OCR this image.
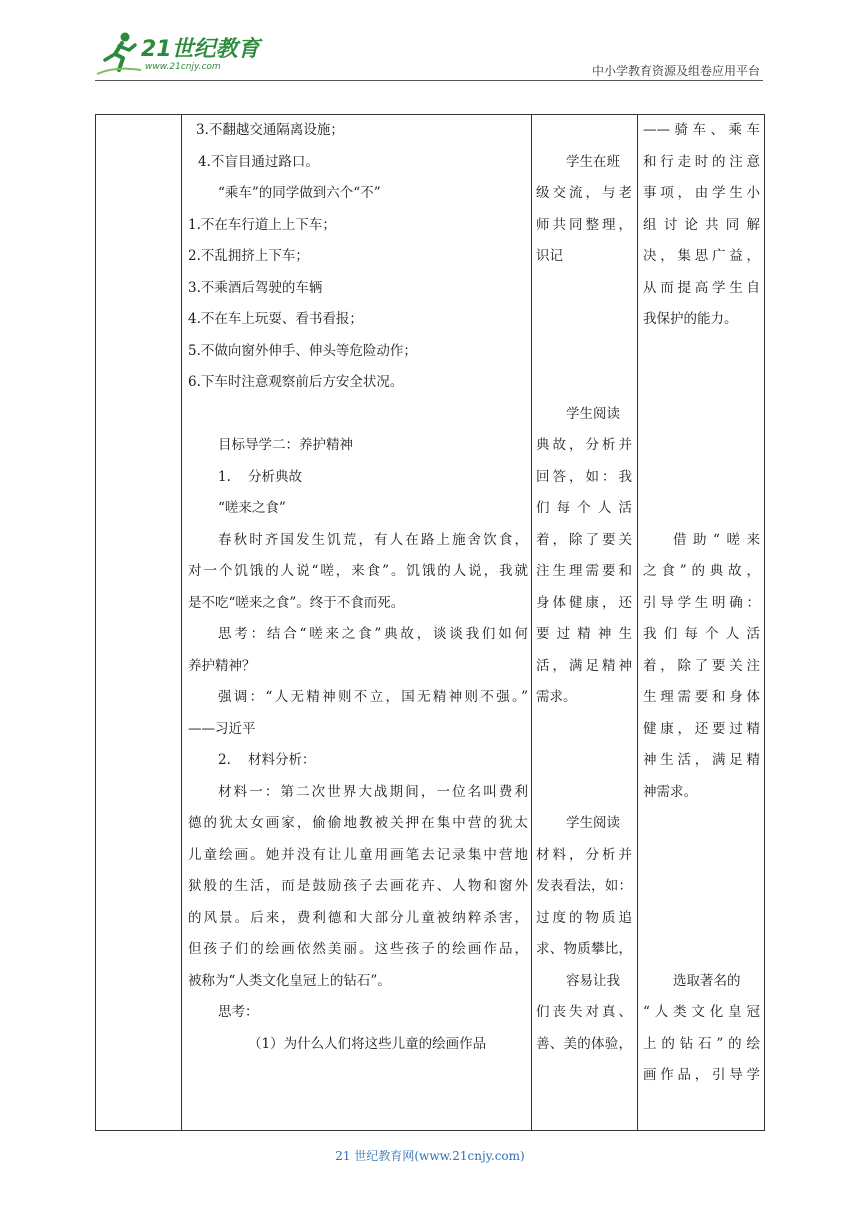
21世纪教育
www.21cnjy.com	中小学教育资源及组卷应用平台
3.不翻越交通隔离设施；
4.不盲目通过路口。
“乘车”的同学做到六个“不”
1.不在车行道上上下车；
2.不乱拥挤上下车；
3.不乘酒后驾驶的车辆
4.不在车上玩耍、看书看报；
5.不做向窗外伸手、伸头等危险动作；
6.下车时注意观察前后方安全状况。
目标导学二：养护精神
1.    分析典故
“嗟来之食”
春秋时齐国发生饥荒，有人在路上施舍饮食，
对一个饥饿的人说“嗟，来食”。饥饿的人说，我就
是不吃“嗟来之食”。终于不食而死。
思考：结合“嗟来之食”典故，谈谈我们如何
养护精神？
强调：“人无精神则不立，国无精神则不强。”
——习近平
2.    材料分析：
材料一：第二次世界大战期间，一位名叫费利
德的犹太女画家，偷偷地教被关押在集中营的犹太
儿童绘画。她并没有让儿童用画笔去记录集中营地
狱般的生活，而是鼓励孩子去画花卉、人物和窗外
的风景。后来，费利德和大部分儿童被纳粹杀害，
但孩子们的绘画依然美丽。这些孩子的绘画作品，
被称为“人类文化皇冠上的钻石”。
思考：
（1）为什么人们将这些儿童的绘画作品
学生在班
级交流，与老
师共同整理，
识记
学生阅读
典故，分析并
回答，如：我
们每个人活
着，除了要关
注生理需要和
身体健康，还
要过精神生
活，满足精神
需求。
学生阅读
材料，分析并
发表看法，如：
过度的物质追
求、物质攀比，
容易让我
们丧失对真、
善、美的体验，
——骑车、乘车
和行走时的注意
事项，由学生小
组讨论共同解
决，集思广益，
从而提高学生自
我保护的能力。
借助“嗟来
之食”的典故，
引导学生明确：
我们每个人活
着，除了要关注
生理需要和身体
健康，还要过精
神生活，满足精
神需求。
选取著名的
“人类文化皇冠
上的钻石”的绘
画作品，引导学
21 世纪教育网(www.21cnjy.com)
